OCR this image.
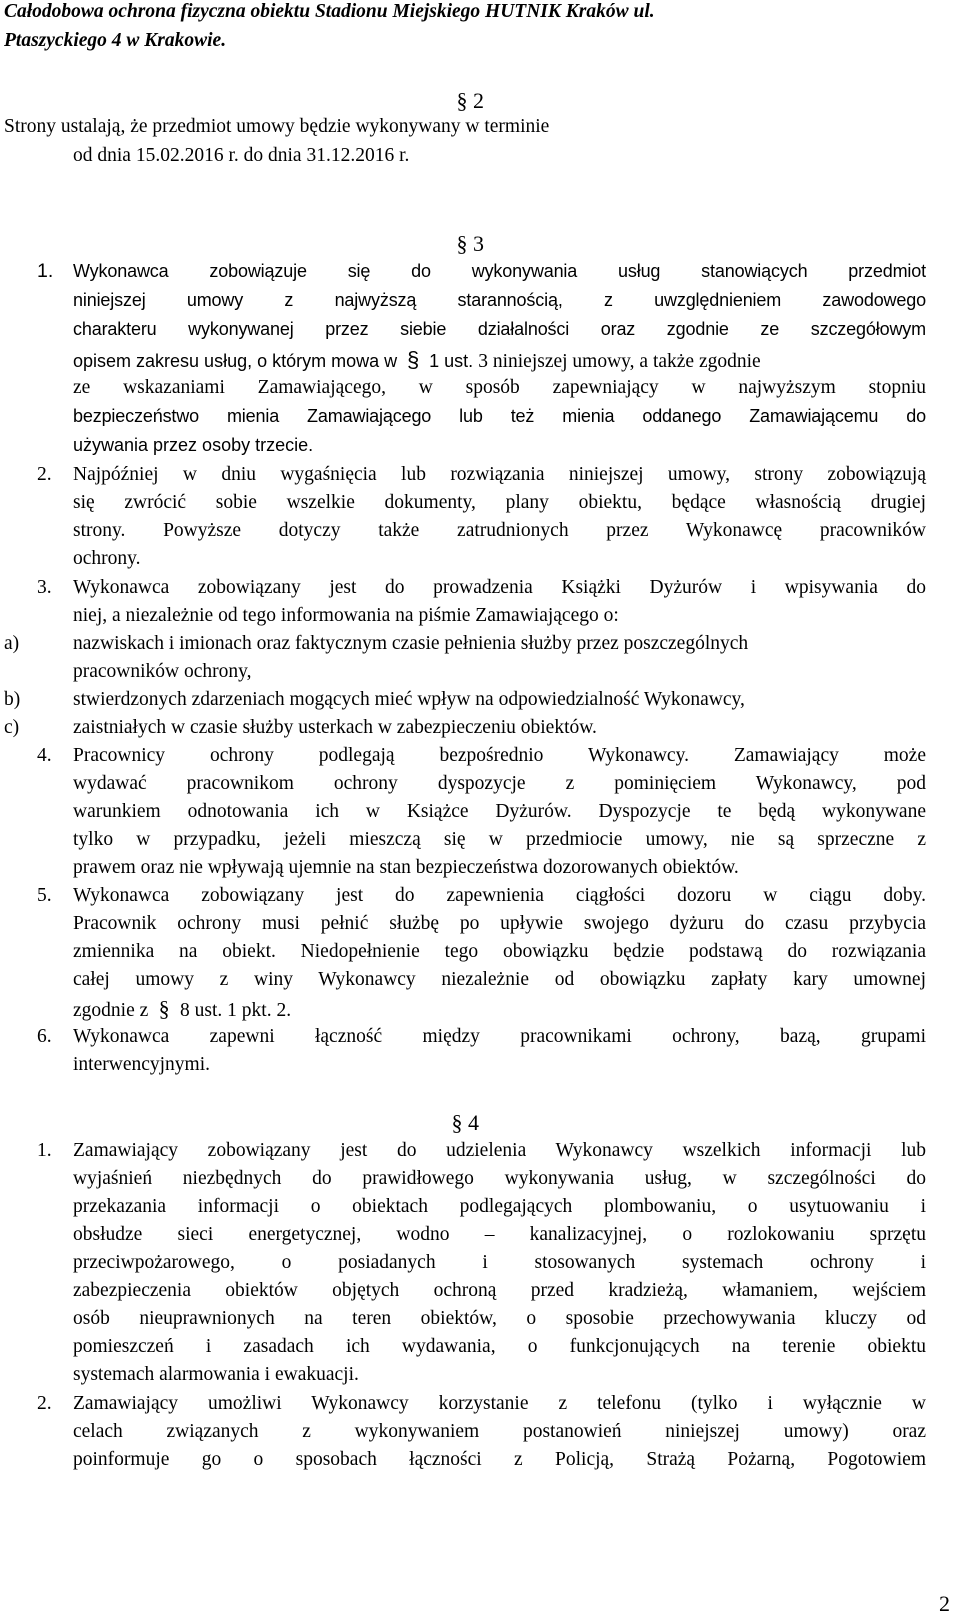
Całodobowa ochrona fizyczna obiektu Stadionu Miejskiego HUTNIK Kraków ul.
Ptaszyckiego 4 w Krakowie.
§ 2
Strony ustalają, że przedmiot umowy będzie wykonywany w terminie
od dnia 15.02.2016 r. do dnia 31.12.2016 r.
§ 3
1. Wykonawca zobowiązuje się do wykonywania usług stanowiących przedmiot
niniejszej umowy z najwyższą starannością, z uwzględnieniem zawodowego
charakteru wykonywanej przez siebie działalności oraz zgodnie ze szczegółowym
opisem zakresu usług, o którym mowa w § 1 ust. 3 niniejszej umowy, a także zgodnie
ze wskazaniami Zamawiającego, w sposób zapewniający w najwyższym stopniu
bezpieczeństwo mienia Zamawiającego lub też mienia oddanego Zamawiającemu do
używania przez osoby trzecie.
2. Najpóźniej w dniu wygaśnięcia lub rozwiązania niniejszej umowy, strony zobowiązują
się zwrócić sobie wszelkie dokumenty, plany obiektu, będące własnością drugiej
strony. Powyższe dotyczy także zatrudnionych przez Wykonawcę pracowników
ochrony.
3. Wykonawca zobowiązany jest do prowadzenia Książki Dyżurów i wpisywania do
niej, a niezależnie od tego informowania na piśmie Zamawiającego o:
a)	nazwiskach i imionach oraz faktycznym czasie pełnienia służby przez poszczególnych
pracowników ochrony,
b)	stwierdzonych zdarzeniach mogących mieć wpływ na odpowiedzialność Wykonawcy,
c)	zaistniałych w czasie służby usterkach w zabezpieczeniu obiektów.
4. Pracownicy ochrony podlegają bezpośrednio Wykonawcy. Zamawiający może
wydawać pracownikom ochrony dyspozycje z pominięciem Wykonawcy, pod
warunkiem odnotowania ich w Książce Dyżurów. Dyspozycje te będą wykonywane
tylko w przypadku, jeżeli mieszczą się w przedmiocie umowy, nie są sprzeczne z
prawem oraz nie wpływają ujemnie na stan bezpieczeństwa dozorowanych obiektów.
5. Wykonawca zobowiązany jest do zapewnienia ciągłości dozoru w ciągu doby.
Pracownik ochrony musi pełnić służbę po upływie swojego dyżuru do czasu przybycia
zmiennika na obiekt. Niedopełnienie tego obowiązku będzie podstawą do rozwiązania
całej umowy z winy Wykonawcy niezależnie od obowiązku zapłaty kary umownej
zgodnie z § 8 ust. 1 pkt. 2.
6. Wykonawca zapewni łączność między pracownikami ochrony, bazą, grupami
interwencyjnymi.
§ 4
1. Zamawiający zobowiązany jest do udzielenia Wykonawcy wszelkich informacji lub
wyjaśnień niezbędnych do prawidłowego wykonywania usług, w szczególności do
przekazania informacji o obiektach podlegających plombowaniu, o usytuowaniu i
obsłudze sieci energetycznej, wodno – kanalizacyjnej, o rozlokowaniu sprzętu
przeciwpożarowego, o posiadanych i stosowanych systemach ochrony i
zabezpieczenia obiektów objętych ochroną przed kradzieżą, włamaniem, wejściem
osób nieuprawnionych na teren obiektów, o sposobie przechowywania kluczy od
pomieszczeń i zasadach ich wydawania, o funkcjonujących na terenie obiektu
systemach alarmowania i ewakuacji.
2. Zamawiający umożliwi Wykonawcy korzystanie z telefonu (tylko i wyłącznie w
celach związanych z wykonywaniem postanowień niniejszej umowy) oraz
poinformuje go o sposobach łączności z Policją, Strażą Pożarną, Pogotowiem
2
